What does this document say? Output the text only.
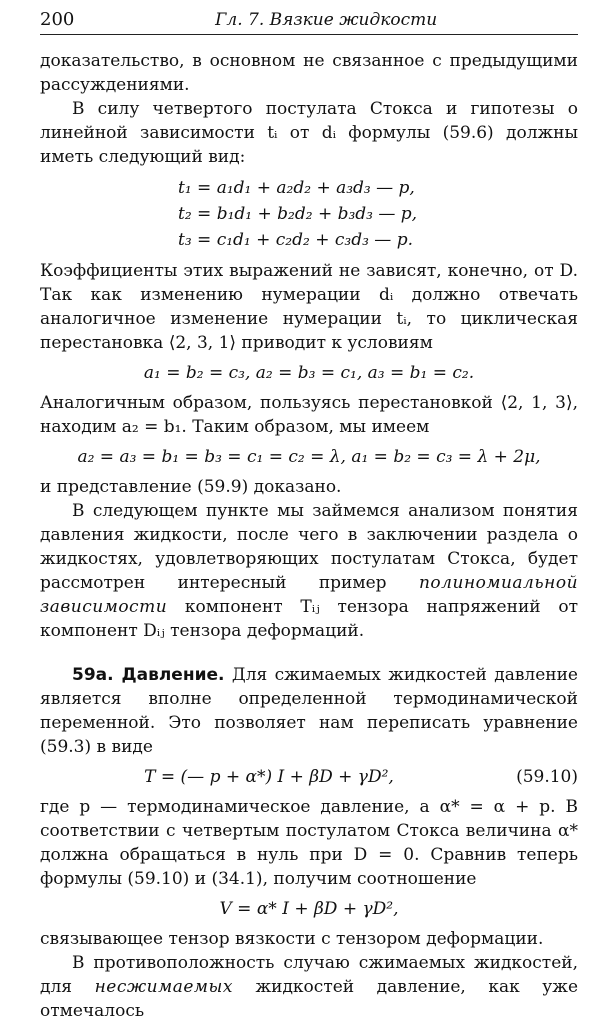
200	Гл. 7. Вязкие жидкости

доказательство, в основном не связанное с предыдущими рассуждениями.

В силу четвертого постулата Стокса и гипотезы о линейной зависимости tᵢ от dᵢ формулы (59.6) должны иметь следующий вид:

t₁ = a₁d₁ + a₂d₂ + a₃d₃ — p,
t₂ = b₁d₁ + b₂d₂ + b₃d₃ — p,
t₃ = c₁d₁ + c₂d₂ + c₃d₃ — p.

Коэффициенты этих выражений не зависят, конечно, от D. Так как изменению нумерации dᵢ должно отвечать аналогичное изменение нумерации tᵢ, то циклическая перестановка ⟨2, 3, 1⟩ приводит к условиям

a₁ = b₂ = c₃, a₂ = b₃ = c₁, a₃ = b₁ = c₂.

Аналогичным образом, пользуясь перестановкой ⟨2, 1, 3⟩, находим a₂ = b₁. Таким образом, мы имеем

a₂ = a₃ = b₁ = b₃ = c₁ = c₂ = λ, a₁ = b₂ = c₃ = λ + 2μ,

и представление (59.9) доказано.

В следующем пункте мы займемся анализом понятия давления жидкости, после чего в заключении раздела о жидкостях, удовлетворяющих постулатам Стокса, будет рассмотрен интересный пример полиномиальной зависимости компонент Tᵢⱼ тензора напряжений от компонент Dᵢⱼ тензора деформаций.

59a. Давление. Для сжимаемых жидкостей давление является вполне определенной термодинамической переменной. Это позволяет нам переписать уравнение (59.3) в виде

T = (— p + α*) I + βD + γD²,	(59.10)

где p — термодинамическое давление, а α* = α + p. В соответствии с четвертым постулатом Стокса величина α* должна обращаться в нуль при D = 0. Сравнив теперь формулы (59.10) и (34.1), получим соотношение

V = α* I + βD + γD²,

связывающее тензор вязкости с тензором деформации.

В противоположность случаю сжимаемых жидкостей, для несжимаемых жидкостей давление, как уже отмечалось
